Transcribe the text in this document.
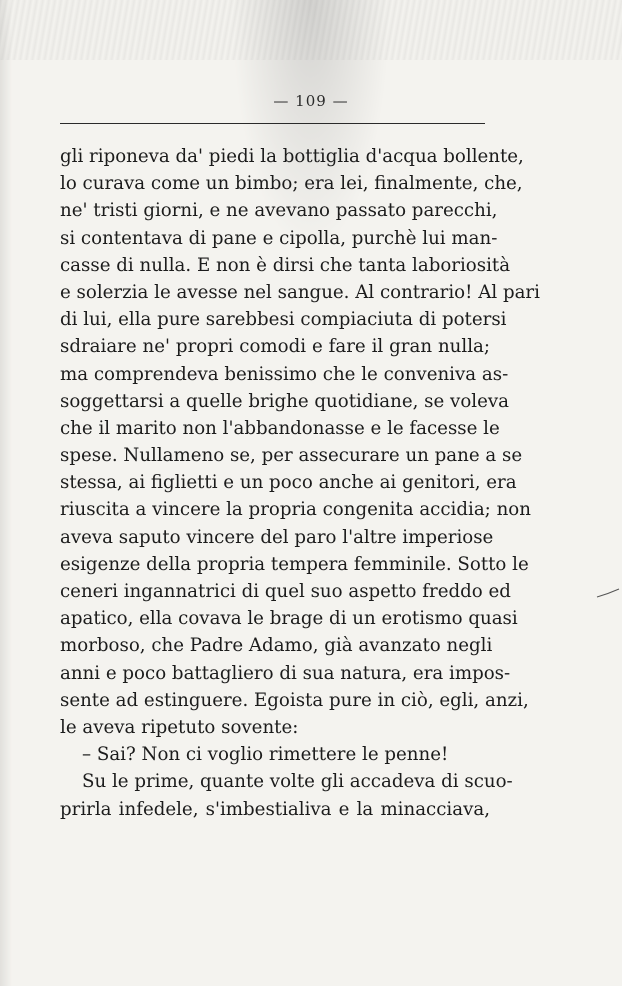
— 109 —
gli riponeva da' piedi la bottiglia d'acqua bollente,
lo curava come un bimbo; era lei, finalmente, che,
ne' tristi giorni, e ne avevano passato parecchi,
si contentava di pane e cipolla, purchè lui man-
casse di nulla. E non è dirsi che tanta laboriosità
e solerzia le avesse nel sangue. Al contrario! Al pari
di lui, ella pure sarebbesi compiaciuta di potersi
sdraiare ne' propri comodi e fare il gran nulla;
ma comprendeva benissimo che le conveniva as-
soggettarsi a quelle brighe quotidiane, se voleva
che il marito non l'abbandonasse e le facesse le
spese. Nullameno se, per assecurare un pane a se
stessa, ai figlietti e un poco anche ai genitori, era
riuscita a vincere la propria congenita accidia; non
aveva saputo vincere del paro l'altre imperiose
esigenze della propria tempera femminile. Sotto le
ceneri ingannatrici di quel suo aspetto freddo ed
apatico, ella covava le brage di un erotismo quasi
morboso, che Padre Adamo, già avanzato negli
anni e poco battagliero di sua natura, era impos-
sente ad estinguere. Egoista pure in ciò, egli, anzi,
le aveva ripetuto sovente:
– Sai? Non ci voglio rimettere le penne!
Su le prime, quante volte gli accadeva di scuo-
prirla infedele, s'imbestialiva e la minacciava,
